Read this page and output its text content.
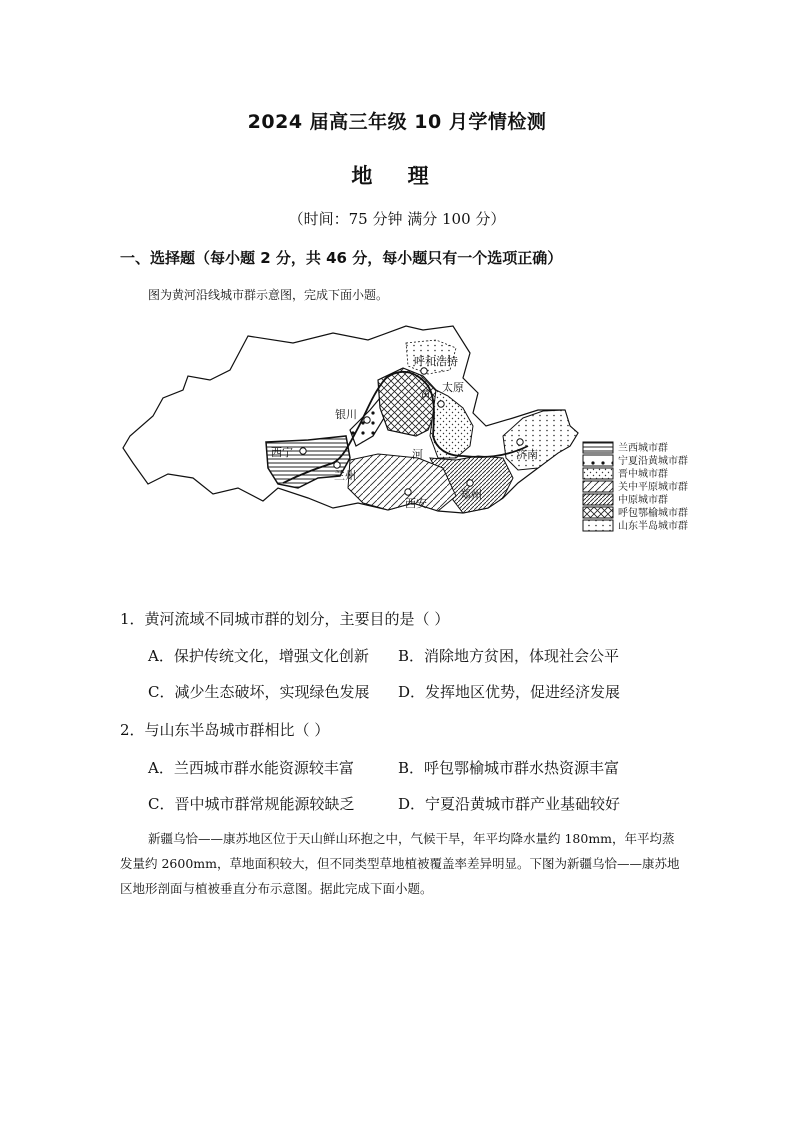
2024 届高三年级 10 月学情检测
地 理
（时间：75 分钟 满分 100 分）
一、选择题（每小题 2 分，共 46 分，每小题只有一个选项正确）
图为黄河沿线城市群示意图，完成下面小题。
呼和浩特
银川
太原
西宁
兰州
济南
西安
郑州
黄
河	兰西城市群
宁夏沿黄城市群
晋中城市群
关中平原城市群
中原城市群
呼包鄂榆城市群
山东半岛城市群
1．黄河流域不同城市群的划分，主要目的是（ ）
A．保护传统文化，增强文化创新 B．消除地方贫困，体现社会公平
C．减少生态破坏，实现绿色发展 D．发挥地区优势，促进经济发展
2．与山东半岛城市群相比（ ）
A．兰西城市群水能资源较丰富	B．呼包鄂榆城市群水热资源丰富
C．晋中城市群常规能源较缺乏	D．宁夏沿黄城市群产业基础较好
新疆乌恰——康苏地区位于天山鲜山环抱之中，气候干旱，年平均降水量约 180mm，年平均蒸发量约 2600mm，草地面积较大，但不同类型草地植被覆盖率差异明显。下图为新疆乌恰——康苏地区地形剖面与植被垂直分布示意图。据此完成下面小题。
